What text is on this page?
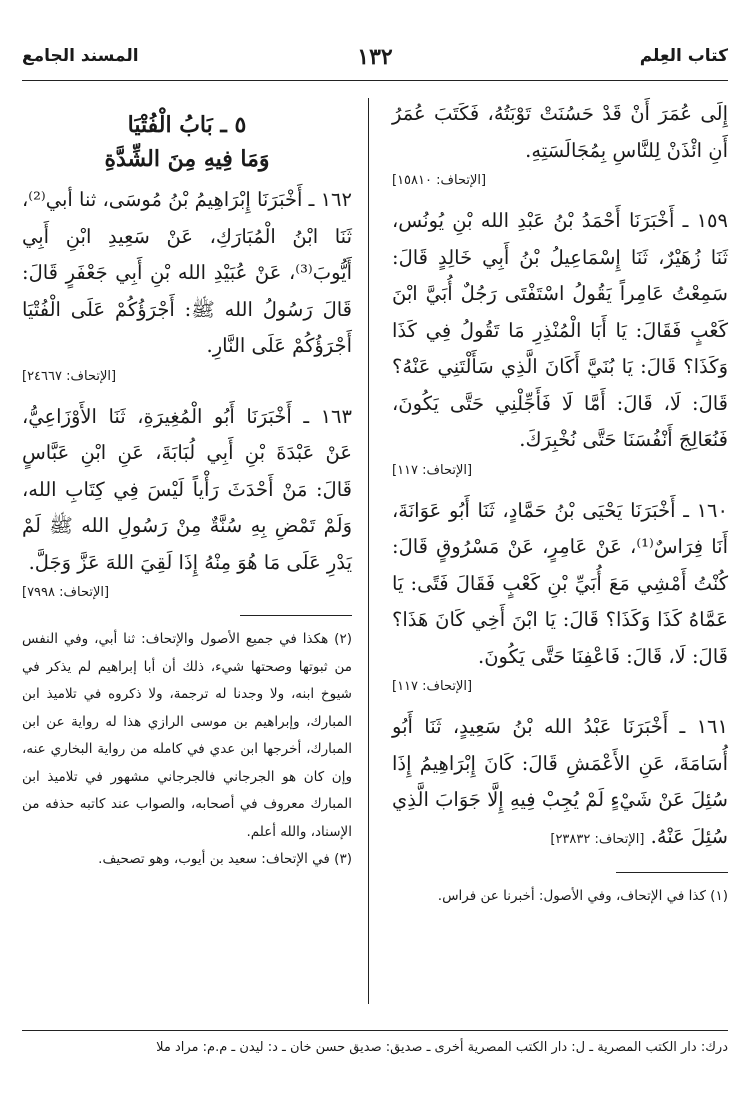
كتاب العِلم
١٣٢
المسند الجامع

إِلَى عُمَرَ أَنْ قَدْ حَسُنَتْ تَوْبَتُهُ، فَكَتَبَ عُمَرُ أَنِ ائْذَنْ لِلنَّاسِ بِمُجَالَسَتِهِ.

[الإتحاف: ١٥٨١٠]

١٥٩ ـ أَخْبَرَنَا أَحْمَدُ بْنُ عَبْدِ الله بْنِ يُونُس، ثَنَا زُهَيْرٌ، ثَنَا إِسْمَاعِيلُ بْنُ أَبِي خَالِدٍ قَالَ: سَمِعْتُ عَامِراً يَقُولُ اسْتَفْتَى رَجُلٌ أُبَيَّ ابْنَ كَعْبٍ فَقَالَ: يَا أَبَا الْمُنْذِرِ مَا تَقُولُ فِي كَذَا وَكَذَا؟ قَالَ: يَا بُنَيَّ أَكَانَ الَّذِي سَأَلْتَنِي عَنْهُ؟ قَالَ: لَا، قَالَ: أَمَّا لَا فَأَجِّلْنِي حَتَّى يَكُونَ، فَنُعَالِجَ أَنْفُسَنَا حَتَّى نُخْبِرَكَ.

[الإتحاف: ١١٧]

١٦٠ ـ أَخْبَرَنَا يَحْيَى بْنُ حَمَّادٍ، ثَنَا أَبُو عَوَانَةَ، أَنَا فِرَاسٌ⁽¹⁾، عَنْ عَامِرٍ، عَنْ مَسْرُوقٍ قَالَ: كُنْتُ أَمْشِي مَعَ أُبَيِّ بْنِ كَعْبٍ فَقَالَ فَتًى: يَا عَمَّاهُ كَذَا وَكَذَا؟ قَالَ: يَا ابْنَ أَخِي كَانَ هَذَا؟ قَالَ: لَا، قَالَ: فَاعْفِنَا حَتَّى يَكُونَ.

[الإتحاف: ١١٧]

١٦١ ـ أَخْبَرَنَا عَبْدُ الله بْنُ سَعِيدٍ، ثَنَا أَبُو أُسَامَةَ، عَنِ الأَعْمَشِ قَالَ: كَانَ إِبْرَاهِيمُ إِذَا سُئِلَ عَنْ شَيْءٍ لَمْ يُجِبْ فِيهِ إِلَّا جَوَابَ الَّذِي سُئِلَ عَنْهُ. [الإتحاف: ٢٣٨٣٢]

(١) كذا في الإتحاف، وفي الأصول: أخبرنا عن فراس.

٥ ـ بَابُ الْفُتْيَا
وَمَا فِيهِ مِنَ الشِّدَّةِ

١٦٢ ـ أَخْبَرَنَا إِبْرَاهِيمُ بْنُ مُوسَى، ثنا أبي⁽²⁾، ثَنَا ابْنُ الْمُبَارَكِ، عَنْ سَعِيدِ ابْنِ أَبِي أَيُّوبَ⁽³⁾، عَنْ عُبَيْدِ الله بْنِ أَبِي جَعْفَرٍ قَالَ: قَالَ رَسُولُ الله ﷺ: أَجْرَؤُكُمْ عَلَى الْفُتْيَا أَجْرَؤُكُمْ عَلَى النَّارِ.

[الإتحاف: ٢٤٦٦٧]

١٦٣ ـ أَخْبَرَنَا أَبُو الْمُغِيرَةِ، ثَنَا الأَوْزَاعِيُّ، عَنْ عَبْدَةَ بْنِ أَبِي لُبَابَةَ، عَنِ ابْنِ عَبَّاسٍ قَالَ: مَنْ أَحْدَثَ رَأْياً لَيْسَ فِي كِتَابِ الله، وَلَمْ تَمْضِ بِهِ سُنَّةٌ مِنْ رَسُولِ الله ﷺ لَمْ يَدْرِ عَلَى مَا هُوَ مِنْهُ إِذَا لَقِيَ اللهَ عَزَّ وَجَلَّ.

[الإتحاف: ٧٩٩٨]

(٢) هكذا في جميع الأصول والإتحاف: ثنا أبي، وفي النفس من ثبوتها وصحتها شيء، ذلك أن أبا إبراهيم لم يذكر في شيوخ ابنه، ولا وجدنا له ترجمة، ولا ذكروه في تلاميذ ابن المبارك، وإبراهيم بن موسى الرازي هذا له رواية عن ابن المبارك، أخرجها ابن عدي في كامله من رواية البخاري عنه، وإن كان هو الجرجاني فالجرجاني مشهور في تلاميذ ابن المبارك معروف في أصحابه، والصواب عند كاتبه حذفه من الإسناد، والله أعلم.

(٣) في الإتحاف: سعيد بن أيوب، وهو تصحيف.

درك: دار الكتب المصرية ـ ل: دار الكتب المصرية أخرى ـ صديق: صديق حسن خان ـ د: ليدن ـ م.م: مراد ملا
